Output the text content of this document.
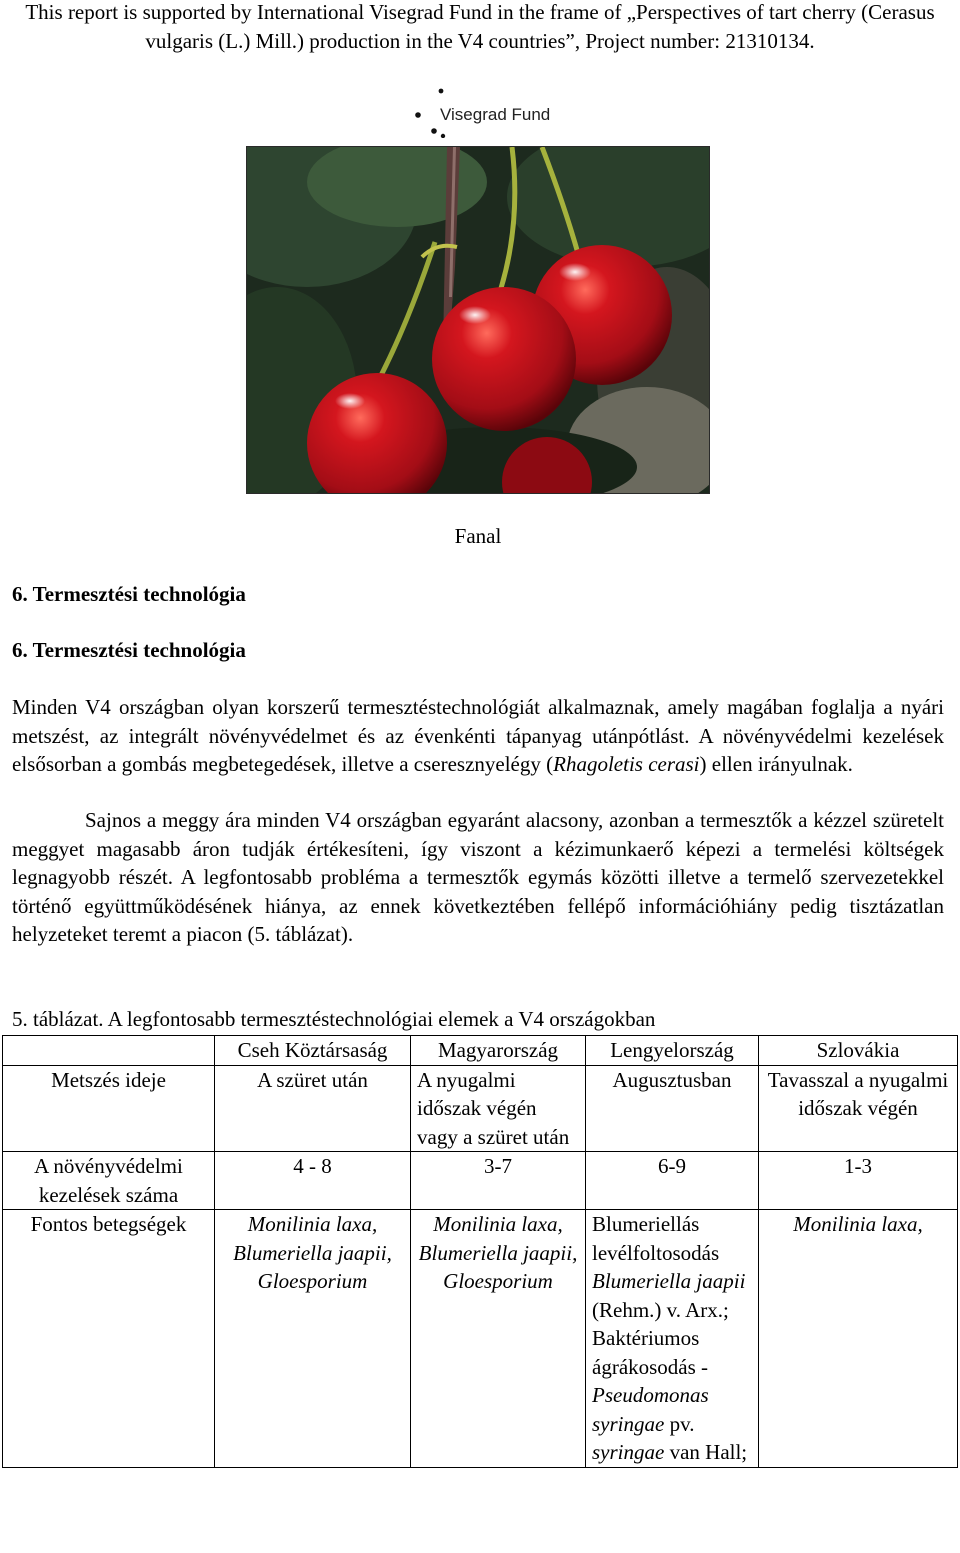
This report is supported by International Visegrad Fund in the frame of „Perspectives of tart cherry (Cerasus vulgaris (L.) Mill.) production in the V4 countries”, Project number: 21310134.
Visegrad Fund
Fanal
6. Termesztési technológia
6. Termesztési technológia
Minden V4 országban olyan korszerű termesztéstechnológiát alkalmaznak, amely magában foglalja a nyári metszést, az integrált növényvédelmet és az évenkénti tápanyag utánpótlást. A növényvédelmi kezelések elsősorban a gombás megbetegedések, illetve a cseresznyelégy (Rhagoletis cerasi) ellen irányulnak.
Sajnos a meggy ára minden V4 országban egyaránt alacsony, azonban a termesztők a kézzel szüretelt meggyet magasabb áron tudják értékesíteni, így viszont a kézimunkaerő képezi a termelési költségek legnagyobb részét. A legfontosabb probléma a termesztők egymás közötti illetve a termelő szervezetekkel történő együttműködésének hiánya, az ennek következtében fellépő információhiány pedig tisztázatlan helyzeteket teremt a piacon (5. táblázat).
5. táblázat. A legfontosabb termesztéstechnológiai elemek a V4 országokban
	Cseh Köztársaság	Magyarország	Lengyelország	Szlovákia
Metszés ideje	A szüret után	A nyugalmi időszak végén vagy a szüret után	Augusztusban	Tavasszal a nyugalmi időszak végén
A növényvédelmi kezelések száma	4 - 8	3-7	6-9	1-3
Fontos betegségek	Monilinia laxa, Blumeriella jaapii, Gloesporium	Monilinia laxa, Blumeriella jaapii, Gloesporium	Blumeriellás levélfoltosodás Blumeriella jaapii (Rehm.) v. Arx.; Baktériumos ágrákosodás - Pseudomonas syringae pv. syringae van Hall;	Monilinia laxa,
